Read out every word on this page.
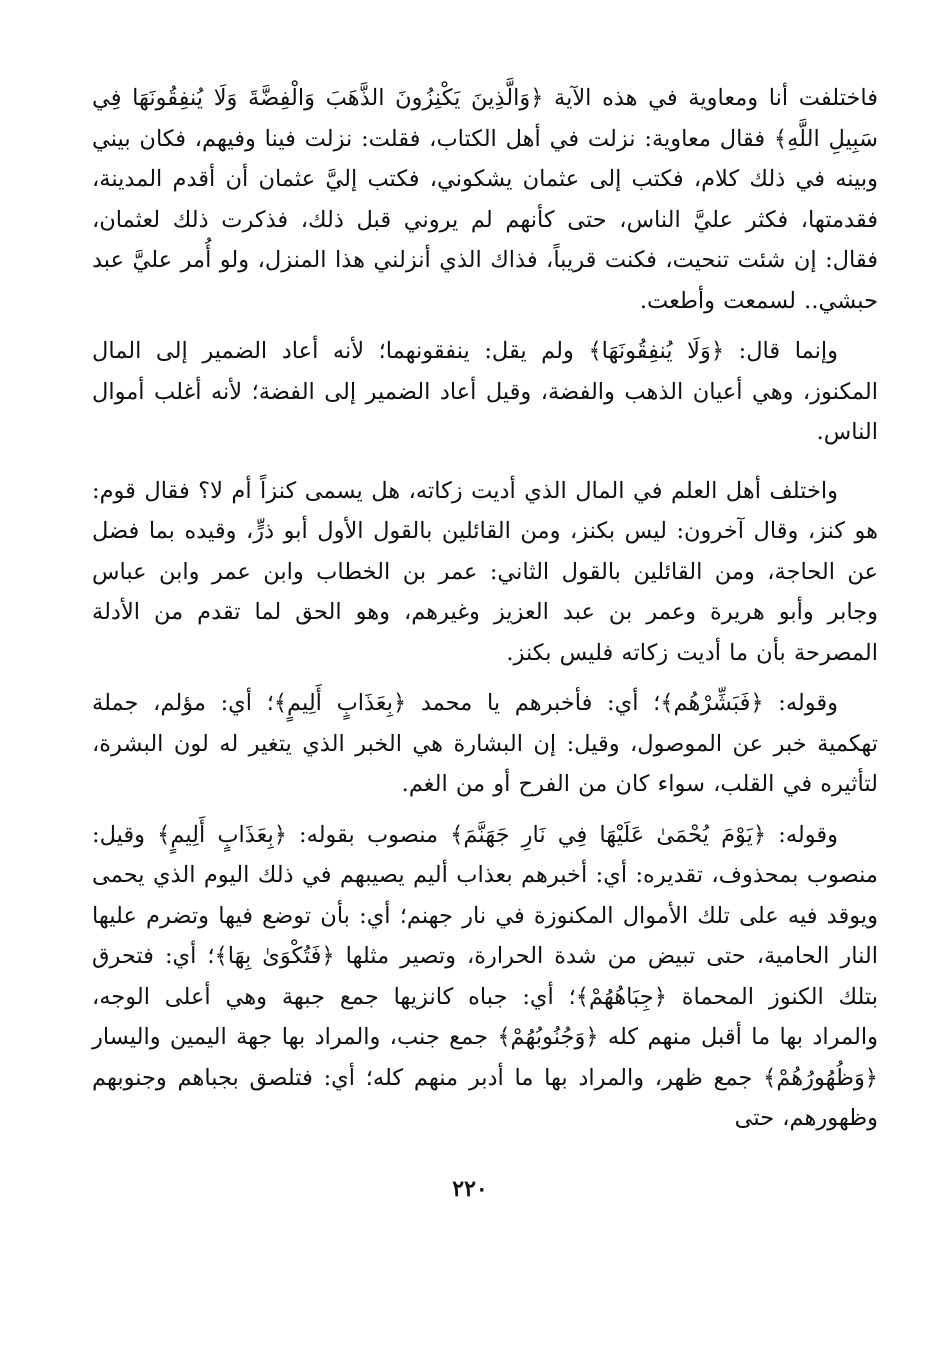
فاختلفت أنا ومعاوية في هذه الآية ﴿وَالَّذِينَ يَكْنِزُونَ الذَّهَبَ وَالْفِضَّةَ وَلَا يُنفِقُونَهَا فِي سَبِيلِ اللَّهِ﴾ فقال معاوية: نزلت في أهل الكتاب، فقلت: نزلت فينا وفيهم، فكان بيني وبينه في ذلك كلام، فكتب إلى عثمان يشكوني، فكتب إليَّ عثمان أن أقدم المدينة، فقدمتها، فكثر عليَّ الناس، حتى كأنهم لم يروني قبل ذلك، فذكرت ذلك لعثمان، فقال: إن شئت تنحيت، فكنت قريباً، فذاك الذي أنزلني هذا المنزل، ولو أُمر عليَّ عبد حبشي.. لسمعت وأطعت.

وإنما قال: ﴿وَلَا يُنفِقُونَهَا﴾ ولم يقل: ينفقونهما؛ لأنه أعاد الضمير إلى المال المكنوز، وهي أعيان الذهب والفضة، وقيل أعاد الضمير إلى الفضة؛ لأنه أغلب أموال الناس.

واختلف أهل العلم في المال الذي أديت زكاته، هل يسمى كنزاً أم لا؟ فقال قوم: هو كنز، وقال آخرون: ليس بكنز، ومن القائلين بالقول الأول أبو ذرٍّ، وقيده بما فضل عن الحاجة، ومن القائلين بالقول الثاني: عمر بن الخطاب وابن عمر وابن عباس وجابر وأبو هريرة وعمر بن عبد العزيز وغيرهم، وهو الحق لما تقدم من الأدلة المصرحة بأن ما أديت زكاته فليس بكنز.

وقوله: ﴿فَبَشِّرْهُم﴾؛ أي: فأخبرهم يا محمد ﴿بِعَذَابٍ أَلِيمٍ﴾؛ أي: مؤلم، جملة تهكمية خبر عن الموصول، وقيل: إن البشارة هي الخبر الذي يتغير له لون البشرة، لتأثيره في القلب، سواء كان من الفرح أو من الغم.

وقوله: ﴿يَوْمَ يُحْمَىٰ عَلَيْهَا فِي نَارِ جَهَنَّمَ﴾ منصوب بقوله: ﴿بِعَذَابٍ أَلِيمٍ﴾ وقيل: منصوب بمحذوف، تقديره: أي: أخبرهم بعذاب أليم يصيبهم في ذلك اليوم الذي يحمى ويوقد فيه على تلك الأموال المكنوزة في نار جهنم؛ أي: بأن توضع فيها وتضرم عليها النار الحامية، حتى تبيض من شدة الحرارة، وتصير مثلها ﴿فَتُكْوَىٰ بِهَا﴾؛ أي: فتحرق بتلك الكنوز المحماة ﴿جِبَاهُهُمْ﴾؛ أي: جباه كانزيها جمع جبهة وهي أعلى الوجه، والمراد بها ما أقبل منهم كله ﴿وَجُنُوبُهُمْ﴾ جمع جنب، والمراد بها جهة اليمين واليسار ﴿وَظُهُورُهُمْ﴾ جمع ظهر، والمراد بها ما أدبر منهم كله؛ أي: فتلصق بجباهم وجنوبهم وظهورهم، حتى

٢٢٠
